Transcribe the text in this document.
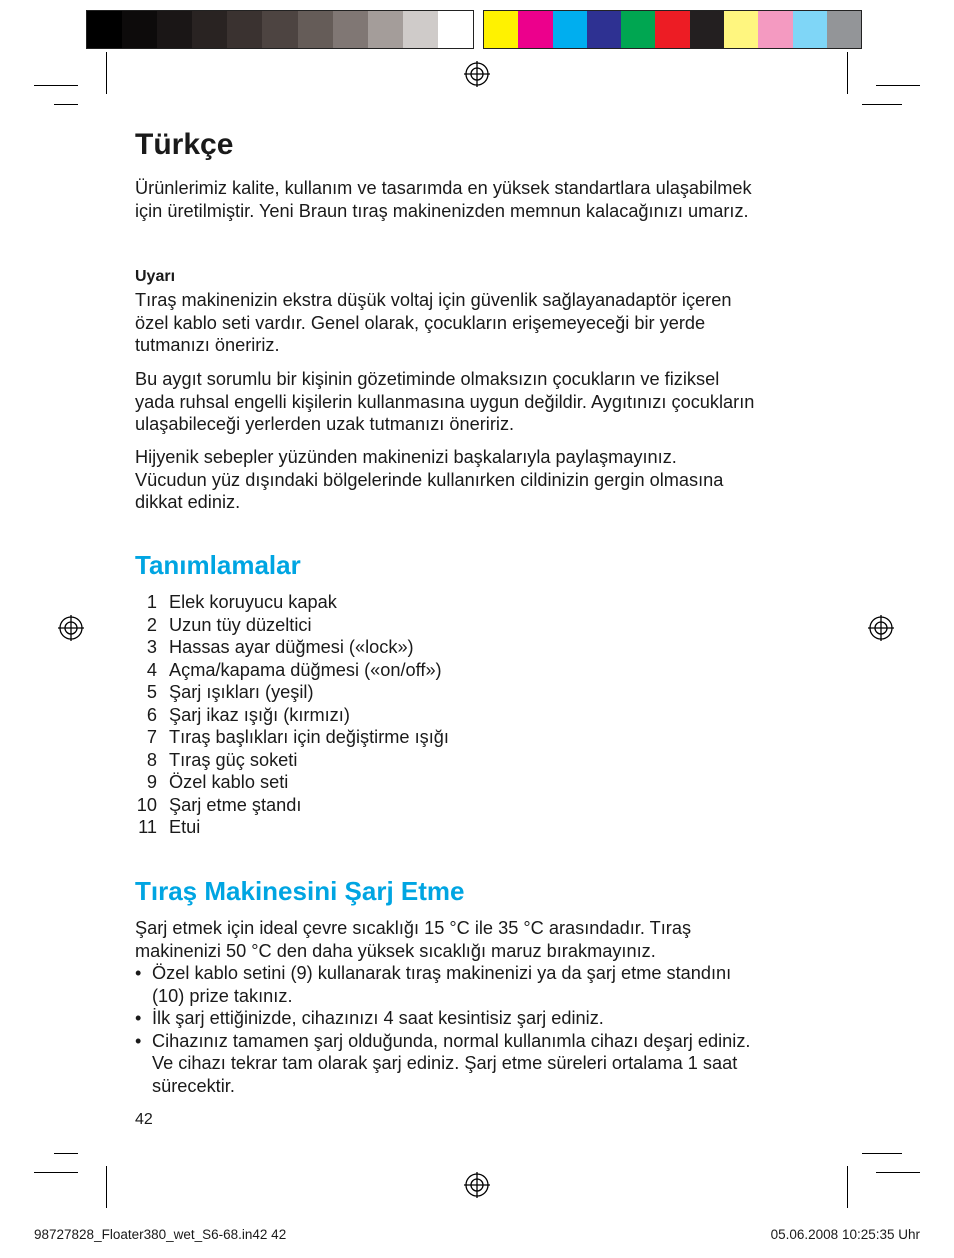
Türkçe

Ürünlerimiz kalite, kullanım ve tasarımda en yüksek standartlara ulaşabilmek
için üretilmiştir. Yeni Braun tıraş makinenizden memnun kalacağınızı umarız.

Uyarı

Tıraş makinenizin ekstra düşük voltaj için güvenlik sağlayanadaptör içeren
özel kablo seti vardır. Genel olarak, çocukların erişemeyeceği bir yerde
tutmanızı öneririz.

Bu aygıt sorumlu bir kişinin gözetiminde olmaksızın çocukların ve fiziksel
yada ruhsal engelli kişilerin kullanmasına uygun değildir. Aygıtınızı çocukların
ulaşabileceği yerlerden uzak tutmanızı öneririz.

Hijyenik sebepler yüzünden makinenizi başkalarıyla paylaşmayınız.
Vücudun yüz dışındaki bölgelerinde kullanırken cildinizin gergin olmasına
dikkat ediniz.

Tanımlamalar
1 Elek koruyucu kapak
2 Uzun tüy düzeltici
3 Hassas ayar düğmesi («lock»)
4 Açma/kapama düğmesi («on/off»)
5 Şarj ışıkları (yeşil)
6 Şarj ikaz ışığı (kırmızı)
7 Tıraş başlıkları için değiştirme ışığı
8 Tıraş güç soketi
9 Özel kablo seti
10 Şarj etme ştandı
11 Etui
Tıraş Makinesini Şarj Etme

Şarj etmek için ideal çevre sıcaklığı 15 °C ile 35 °C arasındadır. Tıraş
makinenizi 50 °C den daha yüksek sıcaklığı maruz bırakmayınız.

• Özel kablo setini (9) kullanarak tıraş makinenizi ya da şarj etme standını
(10) prize takınız.
• İlk şarj ettiğinizde, cihazınızı 4 saat kesintisiz şarj ediniz.
• Cihazınız tamamen şarj olduğunda, normal kullanımla cihazı deşarj ediniz.
Ve cihazı tekrar tam olarak şarj ediniz. Şarj etme süreleri ortalama 1 saat
sürecektir.
42
98727828_Floater380_wet_S6-68.in42 42	05.06.2008 10:25:35 Uhr
